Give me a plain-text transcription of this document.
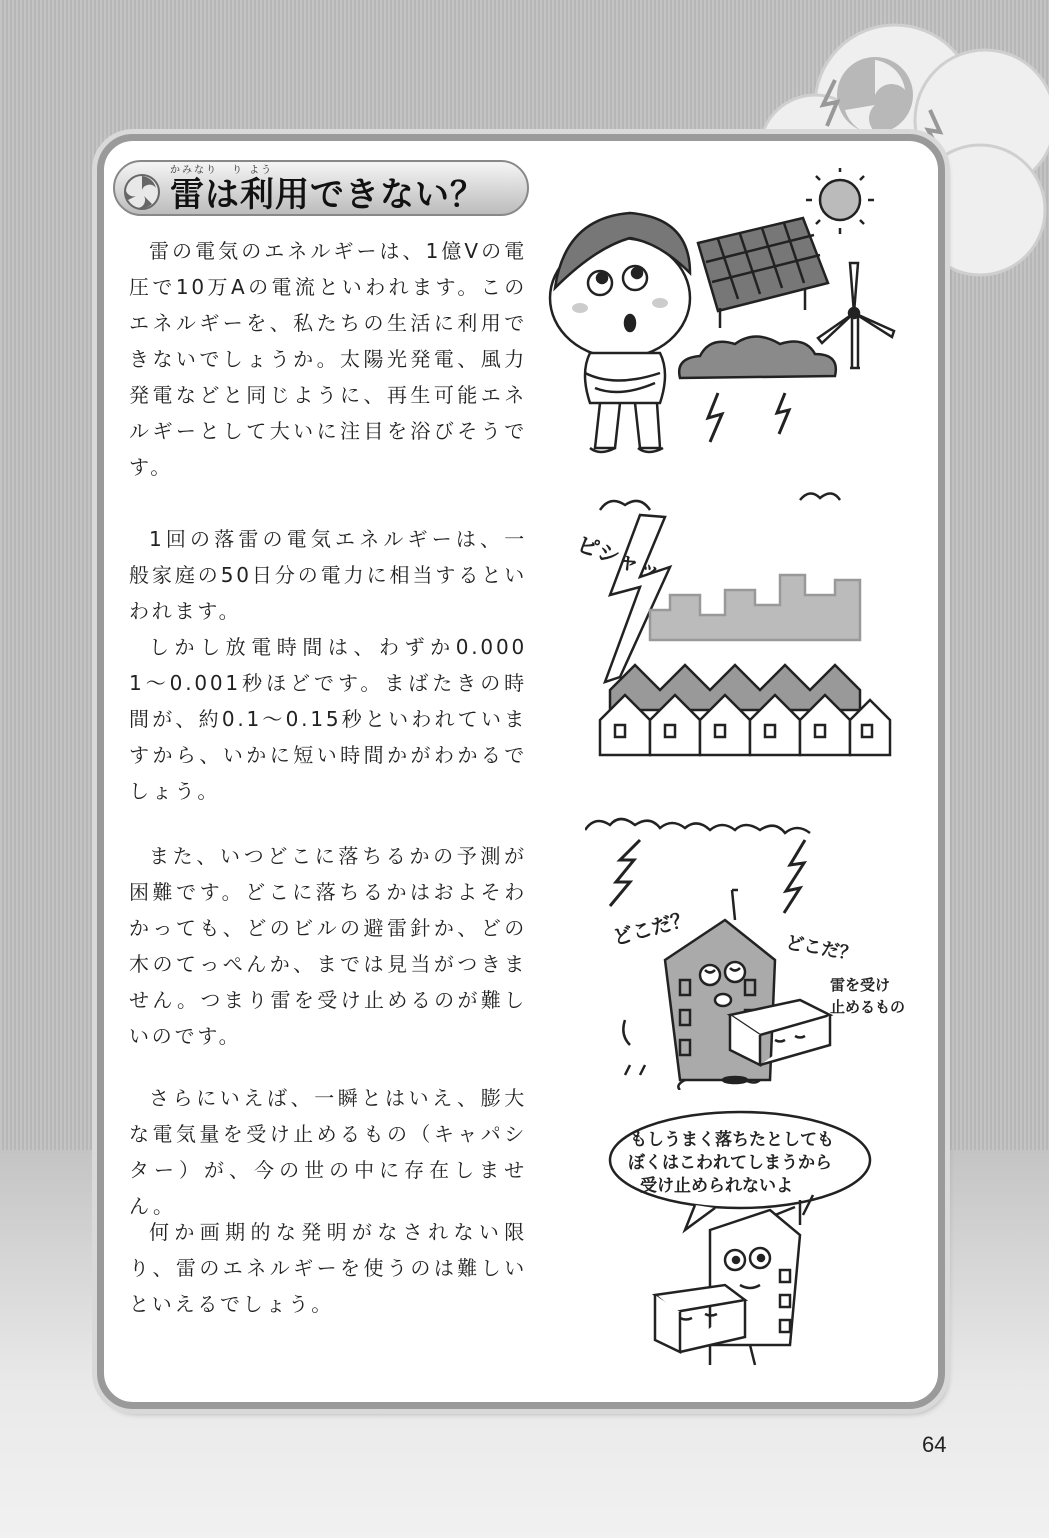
かみなり り よう
雷は利用できない？

雷の電気のエネルギーは、1億Vの電圧で10万Aの電流といわれます。このエネルギーを、私たちの生活に利用できないでしょうか。太陽光発電、風力発電などと同じように、再生可能エネルギーとして大いに注目を浴びそうです。

1回の落雷の電気エネルギーは、一般家庭の50日分の電力に相当するといわれます。

しかし放電時間は、わずか0.0001〜0.001秒ほどです。まばたきの時間が、約0.1〜0.15秒といわれていますから、いかに短い時間かがわかるでしょう。

また、いつどこに落ちるかの予測が困難です。どこに落ちるかはおよそわかっても、どのビルの避雷針か、どの木のてっぺんか、までは見当がつきません。つまり雷を受け止めるのが難しいのです。

さらにいえば、一瞬とはいえ、膨大な電気量を受け止めるもの（キャパシター）が、今の世の中に存在しません。

何か画期的な発明がなされない限り、雷のエネルギーを使うのは難しいといえるでしょう。

ピシャッ
どこだ？	どこだ？
雷を受け
止めるもの
もしうまく落ちたとしても
ぼくはこわれてしまうから
受け止められないよ
64
